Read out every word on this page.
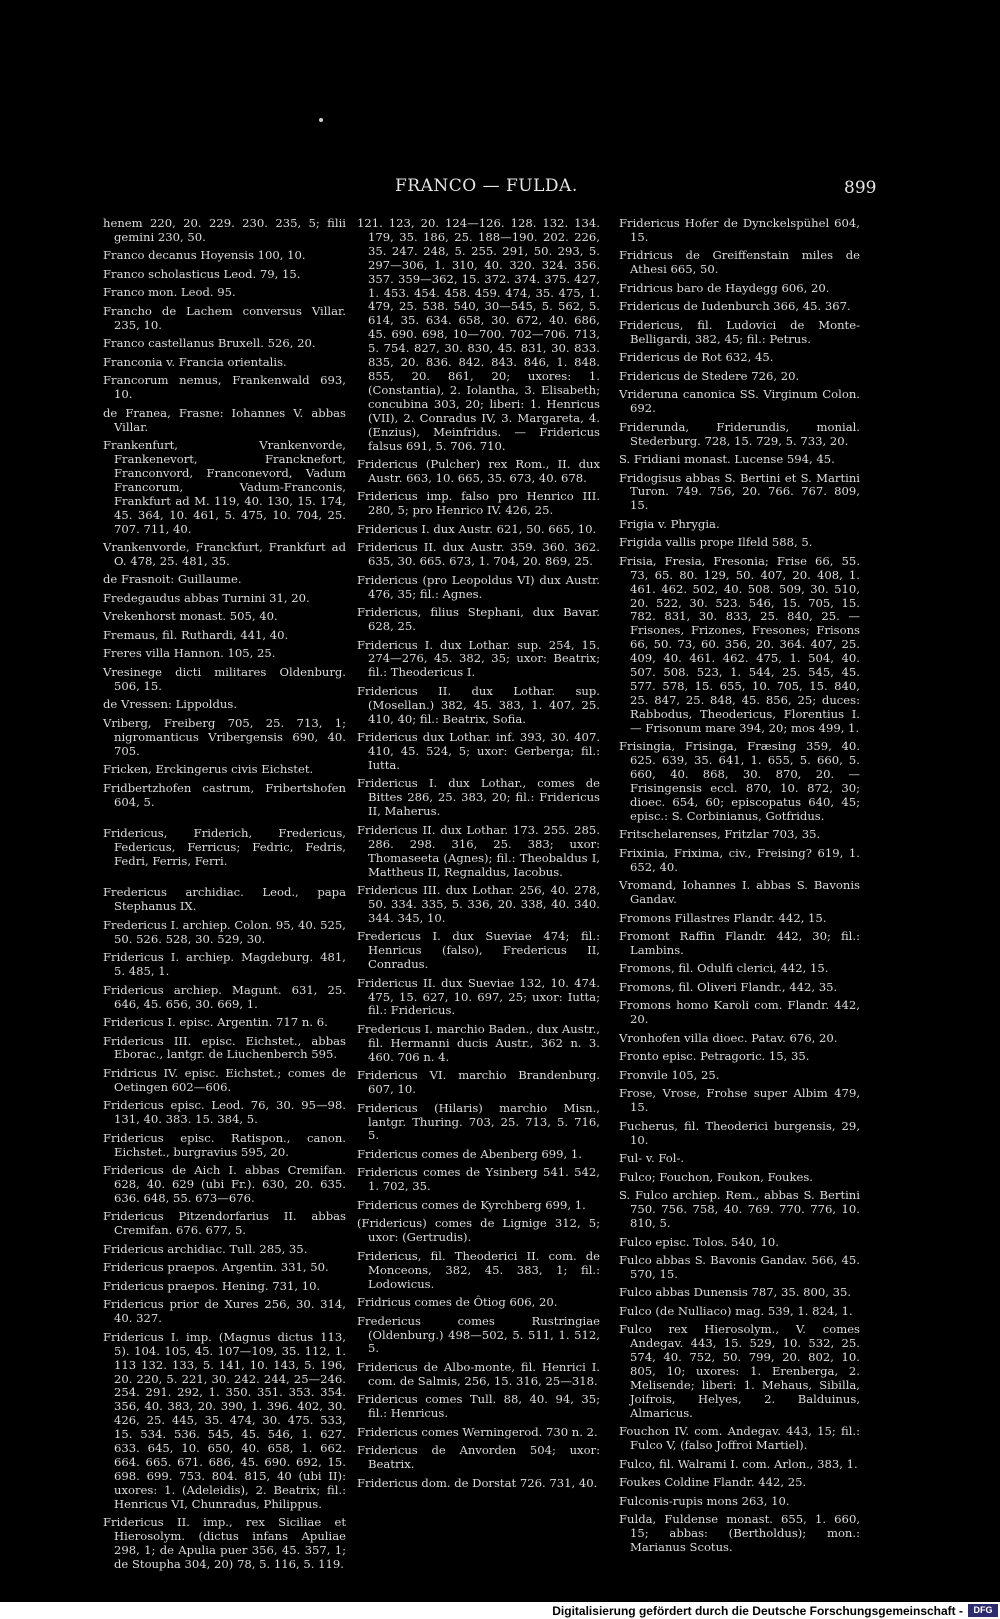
FRANCO — FULDA.	899
henem 220, 20. 229. 230. 235, 5; filii gemini 230, 50.
Franco decanus Hoyensis 100, 10.
Franco scholasticus Leod. 79, 15.
Franco mon. Leod. 95.
Francho de Lachem conversus Villar. 235, 10.
Franco castellanus Bruxell. 526, 20.
Franconia v. Francia orientalis.
Francorum nemus, Frankenwald 693, 10.
de Franea, Frasne: Iohannes V. abbas Villar.
Frankenfurt, Vrankenvorde, Frankenevort, Francknefort, Franconvord, Franconevord, Vadum Francorum, Vadum-Franconis, Frankfurt ad M. 119, 40. 130, 15. 174, 45. 364, 10. 461, 5. 475, 10. 704, 25. 707. 711, 40.
Vrankenvorde, Franckfurt, Frankfurt ad O. 478, 25. 481, 35.
de Frasnoit: Guillaume.
Fredegaudus abbas Turnini 31, 20.
Vrekenhorst monast. 505, 40.
Fremaus, fil. Ruthardi, 441, 40.
Freres villa Hannon. 105, 25.
Vresinege dicti militares Oldenburg. 506, 15.
de Vressen: Lippoldus.
Vriberg, Freiberg 705, 25. 713, 1; nigromanticus Vribergensis 690, 40. 705.
Fricken, Erckingerus civis Eichstet.
Fridbertzhofen castrum, Fribertshofen 604, 5.
Fridericus, Friderich, Fredericus, Federicus, Ferricus; Fedric, Fedris, Fedri, Ferris, Ferri.
Fredericus archidiac. Leod., papa Stephanus IX.
Fredericus I. archiep. Colon. 95, 40. 525, 50. 526. 528, 30. 529, 30.
Fridericus I. archiep. Magdeburg. 481, 5. 485, 1.
Fridericus archiep. Magunt. 631, 25. 646, 45. 656, 30. 669, 1.
Fridericus I. episc. Argentin. 717 n. 6.
Fridericus III. episc. Eichstet., abbas Eborac., lantgr. de Liuchenberch 595.
Fridricus IV. episc. Eichstet.; comes de Oetingen 602—606.
Fridericus episc. Leod. 76, 30. 95—98. 131, 40. 383. 15. 384, 5.
Fridericus episc. Ratispon., canon. Eichstet., burgravius 595, 20.
Fridericus de Aich I. abbas Cremifan. 628, 40. 629 (ubi Fr.). 630, 20. 635. 636. 648, 55. 673—676.
Fridericus Pitzendorfarius II. abbas Cremifan. 676. 677, 5.
Fridericus archidiac. Tull. 285, 35.
Fridericus praepos. Argentin. 331, 50.
Fridericus praepos. Hening. 731, 10.
Fridericus prior de Xures 256, 30. 314, 40. 327.
Fridericus I. imp. (Magnus dictus 113, 5). 104. 105, 45. 107—109, 35. 112, 1. 113 132. 133, 5. 141, 10. 143, 5. 196, 20. 220, 5. 221, 30. 242. 244, 25—246. 254. 291. 292, 1. 350. 351. 353. 354. 356, 40. 383, 20. 390, 1. 396. 402, 30. 426, 25. 445, 35. 474, 30. 475. 533, 15. 534. 536. 545, 45. 546, 1. 627. 633. 645, 10. 650, 40. 658, 1. 662. 664. 665. 671. 686, 45. 690. 692, 15. 698. 699. 753. 804. 815, 40 (ubi II): uxores: 1. (Adeleidis), 2. Beatrix; fil.: Henricus VI, Chunradus, Philippus.
Fridericus II. imp., rex Siciliae et Hierosolym. (dictus infans Apuliae 298, 1; de Apulia puer 356, 45. 357, 1; de Stoupha 304, 20) 78, 5. 116, 5. 119.
121. 123, 20. 124—126. 128. 132. 134. 179, 35. 186, 25. 188—190. 202. 226, 35. 247. 248, 5. 255. 291, 50. 293, 5. 297—306, 1. 310, 40. 320. 324. 356. 357. 359—362, 15. 372. 374. 375. 427, 1. 453. 454. 458. 459. 474, 35. 475, 1. 479, 25. 538. 540, 30—545, 5. 562, 5. 614, 35. 634. 658, 30. 672, 40. 686, 45. 690. 698, 10—700. 702—706. 713, 5. 754. 827, 30. 830, 45. 831, 30. 833. 835, 20. 836. 842. 843. 846, 1. 848. 855, 20. 861, 20; uxores: 1. (Constantia), 2. Iolantha, 3. Elisabeth; concubina 303, 20; liberi: 1. Henricus (VII), 2. Conradus IV, 3. Margareta, 4. (Enzius), Meinfridus. — Fridericus falsus 691, 5. 706. 710.
Fridericus (Pulcher) rex Rom., II. dux Austr. 663, 10. 665, 35. 673, 40. 678.
Fridericus imp. falso pro Henrico III. 280, 5; pro Henrico IV. 426, 25.
Fridericus I. dux Austr. 621, 50. 665, 10.
Fridericus II. dux Austr. 359. 360. 362. 635, 30. 665. 673, 1. 704, 20. 869, 25.
Fridericus (pro Leopoldus VI) dux Austr. 476, 35; fil.: Agnes.
Fridericus, filius Stephani, dux Bavar. 628, 25.
Fridericus I. dux Lothar. sup. 254, 15. 274—276, 45. 382, 35; uxor: Beatrix; fil.: Theodericus I.
Fridericus II. dux Lothar. sup. (Mosellan.) 382, 45. 383, 1. 407, 25. 410, 40; fil.: Beatrix, Sofia.
Fridericus dux Lothar. inf. 393, 30. 407. 410, 45. 524, 5; uxor: Gerberga; fil.: Iutta.
Fridericus I. dux Lothar., comes de Bittes 286, 25. 383, 20; fil.: Fridericus II, Maherus.
Fridericus II. dux Lothar. 173. 255. 285. 286. 298. 316, 25. 383; uxor: Thomaseeta (Agnes); fil.: Theobaldus I, Mattheus II, Regnaldus, Iacobus.
Fridericus III. dux Lothar. 256, 40. 278, 50. 334. 335, 5. 336, 20. 338, 40. 340. 344. 345, 10.
Fredericus I. dux Sueviae 474; fil.: Henricus (falso), Fredericus II, Conradus.
Fridericus II. dux Sueviae 132, 10. 474. 475, 15. 627, 10. 697, 25; uxor: Iutta; fil.: Fridericus.
Fredericus I. marchio Baden., dux Austr., fil. Hermanni ducis Austr., 362 n. 3. 460. 706 n. 4.
Fridericus VI. marchio Brandenburg. 607, 10.
Fridericus (Hilaris) marchio Misn., lantgr. Thuring. 703, 25. 713, 5. 716, 5.
Fridericus comes de Abenberg 699, 1.
Fridericus comes de Ysinberg 541. 542, 1. 702, 35.
Fridericus comes de Kyrchberg 699, 1.
(Fridericus) comes de Lignige 312, 5; uxor: (Gertrudis).
Fridericus, fil. Theoderici II. com. de Monceons, 382, 45. 383, 1; fil.: Lodowicus.
Fridricus comes de Ôtiog 606, 20.
Fredericus comes Rustringiae (Oldenburg.) 498—502, 5. 511, 1. 512, 5.
Fridericus de Albo-monte, fil. Henrici I. com. de Salmis, 256, 15. 316, 25—318.
Fridericus comes Tull. 88, 40. 94, 35; fil.: Henricus.
Fridericus comes Werningerod. 730 n. 2.
Fridericus de Anvorden 504; uxor: Beatrix.
Fridericus dom. de Dorstat 726. 731, 40.
Fridericus Hofer de Dynckelspühel 604, 15.
Fridricus de Greiffenstain miles de Athesi 665, 50.
Fridricus baro de Haydegg 606, 20.
Fridericus de Iudenburch 366, 45. 367.
Fridericus, fil. Ludovici de Monte-Belligardi, 382, 45; fil.: Petrus.
Fridericus de Rot 632, 45.
Fridericus de Stedere 726, 20.
Vrideruna canonica SS. Virginum Colon. 692.
Friderunda, Friderundis, monial. Stederburg. 728, 15. 729, 5. 733, 20.
S. Fridiani monast. Lucense 594, 45.
Fridogisus abbas S. Bertini et S. Martini Turon. 749. 756, 20. 766. 767. 809, 15.
Frigia v. Phrygia.
Frigida vallis prope Ilfeld 588, 5.
Frisia, Fresia, Fresonia; Frise 66, 55. 73, 65. 80. 129, 50. 407, 20. 408, 1. 461. 462. 502, 40. 508. 509, 30. 510, 20. 522, 30. 523. 546, 15. 705, 15. 782. 831, 30. 833, 25. 840, 25. — Frisones, Frizones, Fresones; Frisons 66, 50. 73, 60. 356, 20. 364. 407, 25. 409, 40. 461. 462. 475, 1. 504, 40. 507. 508. 523, 1. 544, 25. 545, 45. 577. 578, 15. 655, 10. 705, 15. 840, 25. 847, 25. 848, 45. 856, 25; duces: Rabbodus, Theodericus, Florentius I. — Frisonum mare 394, 20; mos 499, 1.
Frisingia, Frisinga, Fræsing 359, 40. 625. 639, 35. 641, 1. 655, 5. 660, 5. 660, 40. 868, 30. 870, 20. — Frisingensis eccl. 870, 10. 872, 30; dioec. 654, 60; episcopatus 640, 45; episc.: S. Corbinianus, Gotfridus.
Fritschelarenses, Fritzlar 703, 35.
Frixinia, Frixima, civ., Freising? 619, 1. 652, 40.
Vromand, Iohannes I. abbas S. Bavonis Gandav.
Fromons Fillastres Flandr. 442, 15.
Fromont Raffin Flandr. 442, 30; fil.: Lambins.
Fromons, fil. Odulfi clerici, 442, 15.
Fromons, fil. Oliveri Flandr., 442, 35.
Fromons homo Karoli com. Flandr. 442, 20.
Vronhofen villa dioec. Patav. 676, 20.
Fronto episc. Petragoric. 15, 35.
Fronvile 105, 25.
Frose, Vrose, Frohse super Albim 479, 15.
Fucherus, fil. Theoderici burgensis, 29, 10.
Ful- v. Fol-.
Fulco; Fouchon, Foukon, Foukes.
S. Fulco archiep. Rem., abbas S. Bertini 750. 756. 758, 40. 769. 770. 776, 10. 810, 5.
Fulco episc. Tolos. 540, 10.
Fulco abbas S. Bavonis Gandav. 566, 45. 570, 15.
Fulco abbas Dunensis 787, 35. 800, 35.
Fulco (de Nulliaco) mag. 539, 1. 824, 1.
Fulco rex Hierosolym., V. comes Andegav. 443, 15. 529, 10. 532, 25. 574, 40. 752, 50. 799, 20. 802, 10. 805, 10; uxores: 1. Erenberga, 2. Melisende; liberi: 1. Mehaus, Sibilla, Joifrois, Helyes, 2. Balduinus, Almaricus.
Fouchon IV. com. Andegav. 443, 15; fil.: Fulco V, (falso Joffroi Martiel).
Fulco, fil. Walrami I. com. Arlon., 383, 1.
Foukes Coldine Flandr. 442, 25.
Fulconis-rupis mons 263, 10.
Fulda, Fuldense monast. 655, 1. 660, 15; abbas: (Bertholdus); mon.: Marianus Scotus.
Digitalisierung gefördert durch die Deutsche Forschungsgemeinschaft -	DFG
